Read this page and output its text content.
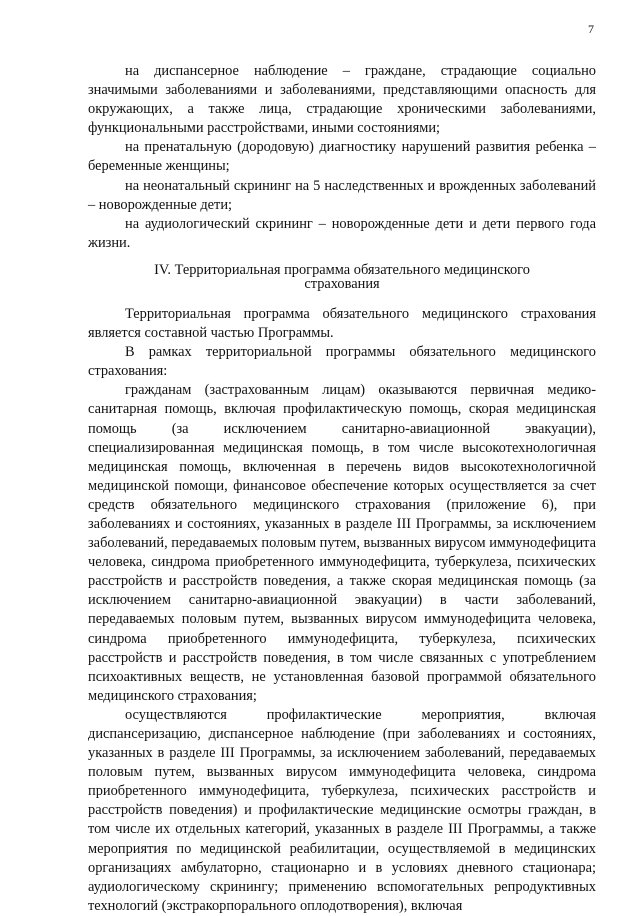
7

на диспансерное наблюдение – граждане, страдающие социально значимыми заболеваниями и заболеваниями, представляющими опасность для окружающих, а также лица, страдающие хроническими заболеваниями, функциональными расстройствами, иными состояниями;

на пренатальную (дородовую) диагностику нарушений развития ребенка – беременные женщины;

на неонатальный скрининг на 5 наследственных и врожденных заболеваний – новорожденные дети;

на аудиологический скрининг – новорожденные дети и дети первого года жизни.

IV. Территориальная программа обязательного медицинского
страхования

Территориальная программа обязательного медицинского страхования является составной частью Программы.

В рамках территориальной программы обязательного медицинского страхования:

гражданам (застрахованным лицам) оказываются первичная медико-санитарная помощь, включая профилактическую помощь, скорая медицинская помощь (за исключением санитарно-авиационной эвакуации), специализированная медицинская помощь, в том числе высокотехнологичная медицинская помощь, включенная в перечень видов высокотехнологичной медицинской помощи, финансовое обеспечение которых осуществляется за счет средств обязательного медицинского страхования (приложение 6), при заболеваниях и состояниях, указанных в разделе III Программы, за исключением заболеваний, передаваемых половым путем, вызванных вирусом иммунодефицита человека, синдрома приобретенного иммунодефицита, туберкулеза, психических расстройств и расстройств поведения, а также скорая медицинская помощь (за исключением санитарно-авиационной эвакуации) в части заболеваний, передаваемых половым путем, вызванных вирусом иммунодефицита человека, синдрома приобретенного иммунодефицита, туберкулеза, психических расстройств и расстройств поведения, в том числе связанных с употреблением психоактивных веществ, не установленная базовой программой обязательного медицинского страхования;

осуществляются профилактические мероприятия, включая диспансеризацию, диспансерное наблюдение (при заболеваниях и состояниях, указанных в разделе III Программы, за исключением заболеваний, передаваемых половым путем, вызванных вирусом иммунодефицита человека, синдрома приобретенного иммунодефицита, туберкулеза, психических расстройств и расстройств поведения) и профилактические медицинские осмотры граждан, в том числе их отдельных категорий, указанных в разделе III Программы, а также мероприятия по медицинской реабилитации, осуществляемой в медицинских организациях амбулаторно, стационарно и в условиях дневного стационара; аудиологическому скринингу; применению вспомогательных репродуктивных технологий (экстракорпорального оплодотворения), включая
